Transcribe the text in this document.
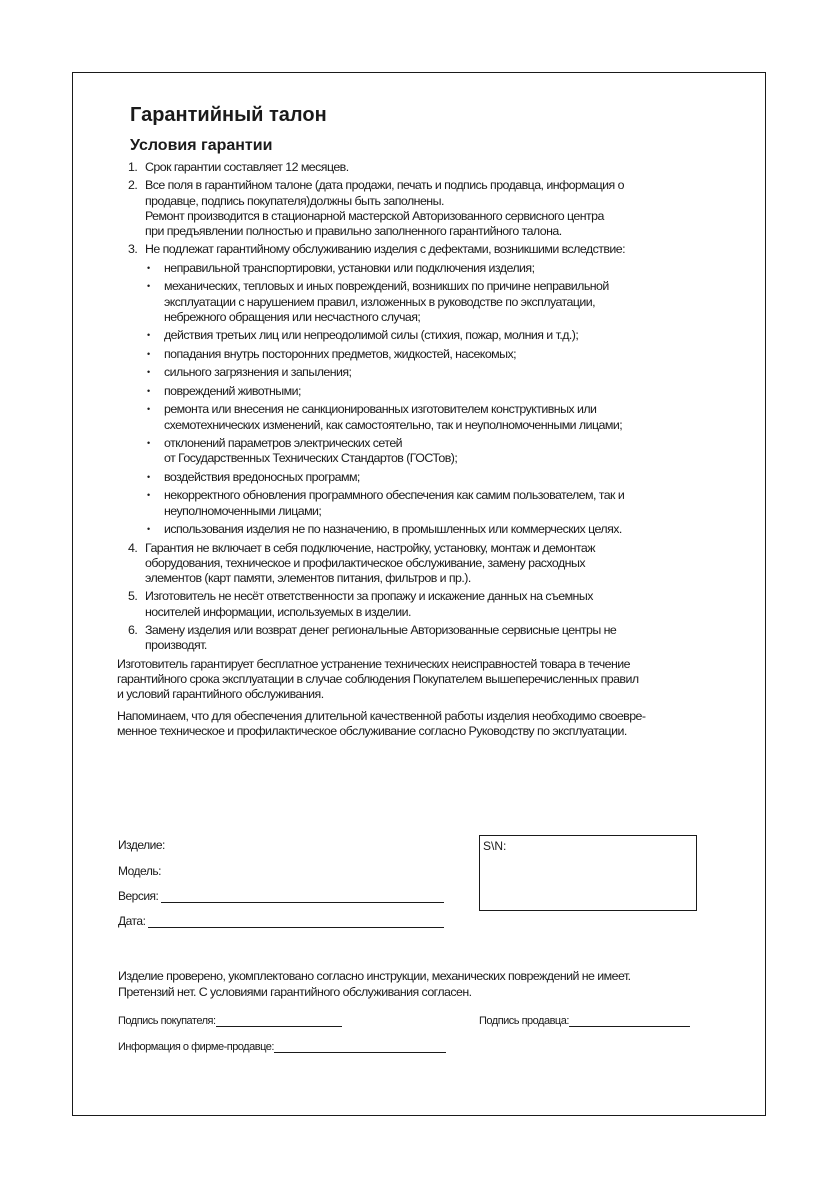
Гарантийный талон
Условия гарантии
1. Срок гарантии составляет 12 месяцев.
2. Все поля в гарантийном талоне (дата продажи, печать и подпись продавца, информация о
продавце, подпись покупателя)должны быть заполнены.
Ремонт производится в стационарной мастерской Авторизованного сервисного центра
при предъявлении полностью и правильно заполненного гарантийного талона.
3. Не подлежат гарантийному обслуживанию изделия с дефектами, возникшими вследствие:
• неправильной транспортировки, установки или подключения изделия;
• механических, тепловых и иных повреждений, возникших по причине неправильной
эксплуатации с нарушением правил, изложенных в руководстве по эксплуатации,
небрежного обращения или несчастного случая;
• действия третьих лиц или непреодолимой силы (стихия, пожар, молния и т.д.);
• попадания внутрь посторонних предметов, жидкостей, насекомых;
• сильного загрязнения и запыления;
• повреждений животными;
• ремонта или внесения не санкционированных изготовителем конструктивных или
схемотехнических изменений, как самостоятельно, так и неуполномоченными лицами;
• отклонений параметров электрических сетей
от Государственных Технических Стандартов (ГОСТов);
• воздействия вредоносных программ;
• некорректного обновления программного обеспечения как самим пользователем, так и
неуполномоченными лицами;
• использования изделия не по назначению, в промышленных или коммерческих целях.
4. Гарантия не включает в себя подключение, настройку, установку, монтаж и демонтаж
оборудования, техническое и профилактическое обслуживание, замену расходных
элементов (карт памяти, элементов питания, фильтров и пр.).
5. Изготовитель не несёт ответственности за пропажу и искажение данных на съемных
носителей информации, используемых в изделии.
6. Замену изделия или возврат денег региональные Авторизованные сервисные центры не
производят.

Изготовитель гарантирует бесплатное устранение технических неисправностей товара в течение
гарантийного срока эксплуатации в случае соблюдения Покупателем вышеперечисленных правил
и условий гарантийного обслуживания.

Напоминаем, что для обеспечения длительной качественной работы изделия необходимо своевре-
менное техническое и профилактическое обслуживание согласно Руководству по эксплуатации.

Изделие:
Модель:
Версия:
Дата:
S\N:

Изделие проверено, укомплектовано согласно инструкции, механических повреждений не имеет.
Претензий нет. С условиями гарантийного обслуживания согласен.

Подпись покупателя:	Подпись продавца:
Информация о фирме-продавце:
